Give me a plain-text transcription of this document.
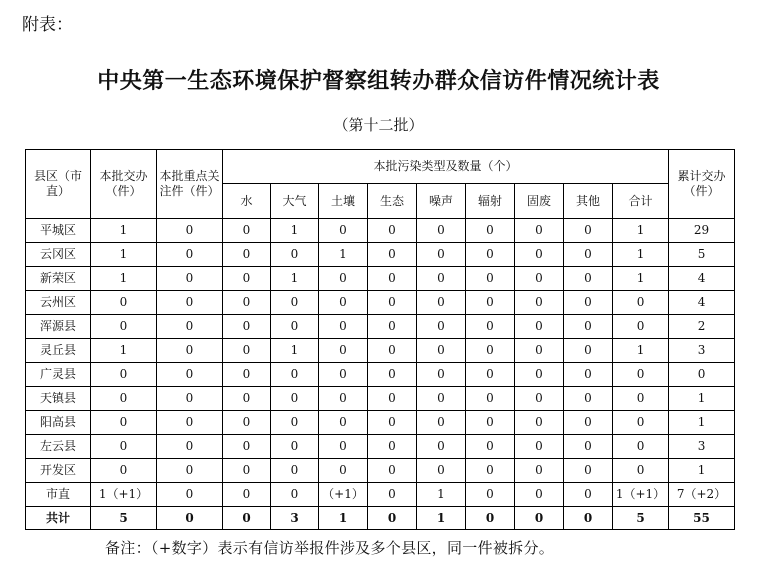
附表：
中央第一生态环境保护督察组转办群众信访件情况统计表
（第十二批）
县区（市直）	本批交办（件）	本批重点关注件（件）	本批污染类型及数量（个）									累计交办（件）
			水	大气	土壤	生态	噪声	辐射	固废	其他	合计	
平城区	1	0	0	1	0	0	0	0	0	0	1	29
云冈区	1	0	0	0	1	0	0	0	0	0	1	5
新荣区	1	0	0	1	0	0	0	0	0	0	1	4
云州区	0	0	0	0	0	0	0	0	0	0	0	4
浑源县	0	0	0	0	0	0	0	0	0	0	0	2
灵丘县	1	0	0	1	0	0	0	0	0	0	1	3
广灵县	0	0	0	0	0	0	0	0	0	0	0	0
天镇县	0	0	0	0	0	0	0	0	0	0	0	1
阳高县	0	0	0	0	0	0	0	0	0	0	0	1
左云县	0	0	0	0	0	0	0	0	0	0	0	3
开发区	0	0	0	0	0	0	0	0	0	0	0	1
市直	1（+1）	0	0	0	（+1）	0	1	0	0	0	1（+1）	7（+2）
共计	5	0	0	3	1	0	1	0	0	0	5	55
备注：（+数字）表示有信访举报件涉及多个县区，同一件被拆分。
